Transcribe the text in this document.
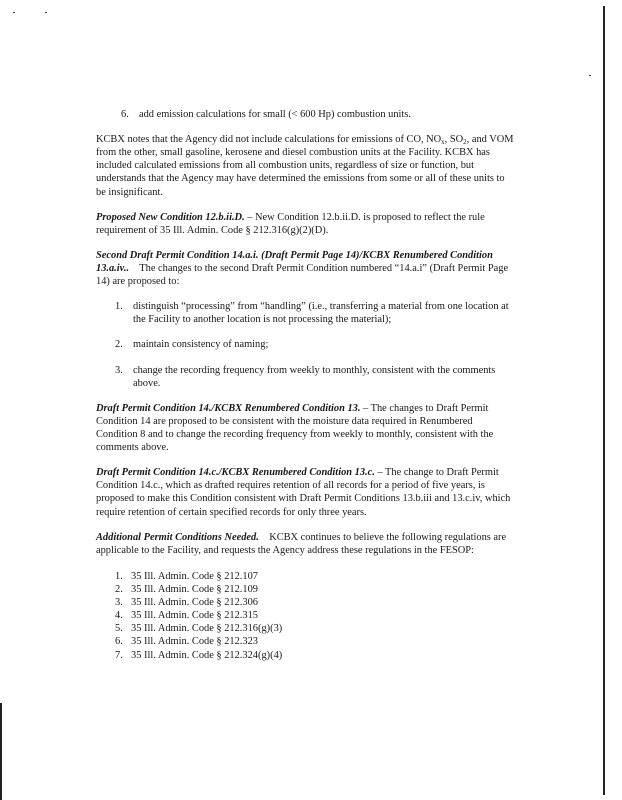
6. add emission calculations for small (< 600 Hp) combustion units.

KCBX notes that the Agency did not include calculations for emissions of CO, $NO_x$, $SO_2$, and VOM from the other, small gasoline, kerosene and diesel combustion units at the Facility. KCBX has included calculated emissions from all combustion units, regardless of size or function, but understands that the Agency may have determined the emissions from some or all of these units to be insignificant.

Proposed New Condition 12.b.ii.D. – New Condition 12.b.ii.D. is proposed to reflect the rule requirement of 35 Ill. Admin. Code § 212.316(g)(2)(D).

Second Draft Permit Condition 14.a.i. (Draft Permit Page 14)/KCBX Renumbered Condition 13.a.iv..    The changes to the second Draft Permit Condition numbered “14.a.i” (Draft Permit Page 14) are proposed to:

1. distinguish “processing” from “handling” (i.e., transferring a material from one location at the Facility to another location is not processing the material);
2. maintain consistency of naming;
3. change the recording frequency from weekly to monthly, consistent with the comments above.

Draft Permit Condition 14./KCBX Renumbered Condition 13. – The changes to Draft Permit Condition 14 are proposed to be consistent with the moisture data required in Renumbered Condition 8 and to change the recording frequency from weekly to monthly, consistent with the comments above.

Draft Permit Condition 14.c./KCBX Renumbered Condition 13.c. – The change to Draft Permit Condition 14.c., which as drafted requires retention of all records for a period of five years, is proposed to make this Condition consistent with Draft Permit Conditions 13.b.iii and 13.c.iv, which require retention of certain specified records for only three years.

Additional Permit Conditions Needed.    KCBX continues to believe the following regulations are applicable to the Facility, and requests the Agency address these regulations in the FESOP:

1. 35 Ill. Admin. Code § 212.107
2. 35 Ill. Admin. Code § 212.109
3. 35 Ill. Admin. Code § 212.306
4. 35 Ill. Admin. Code § 212.315
5. 35 Ill. Admin. Code § 212.316(g)(3)
6. 35 Ill. Admin. Code § 212.323
7. 35 Ill. Admin. Code § 212.324(g)(4)
